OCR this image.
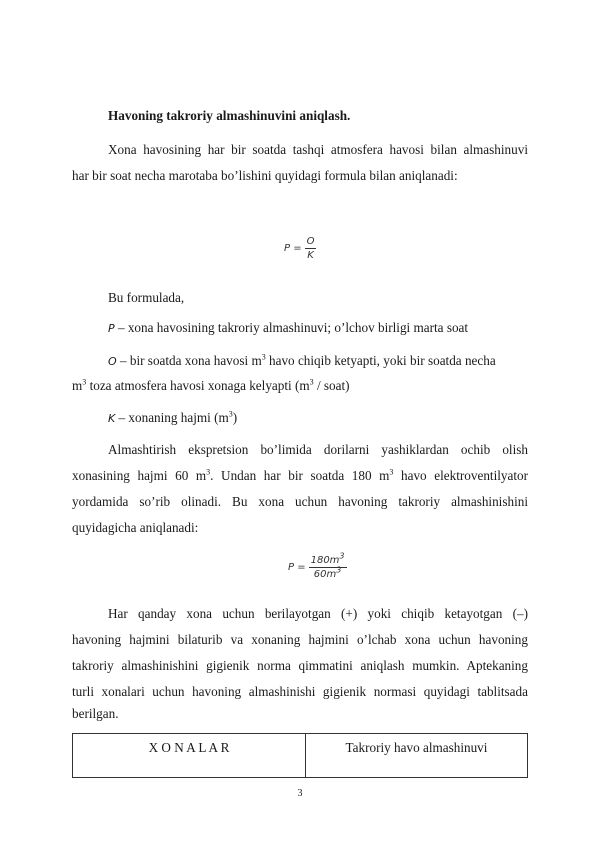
Havoning takroriy almashinuvini aniqlash.
Xona havosining har bir soatda tashqi atmosfera havosi bilan almashinuvi
har bir soat necha marotaba boʼlishini quyidagi formula bilan aniqlanadi:
$P = \frac{O}{K}$
Bu formulada,
P – xona havosining takroriy almashinuvi; o’lchov birligi marta soat
O – bir soatda xona havosi $m^3$ havo chiqib ketyapti, yoki bir soatda necha
$m^3$ toza atmosfera havosi xonaga kelyapti ($m^3$ / soat)
K – xonaning hajmi $(m^3)$
Almashtirish ekspretsion boʼlimida dorilarni yashiklardan ochib olish
xonasining hajmi 60 $m^3$. Undan har bir soatda 180 $m^3$ havo elektroventilyator
yordamida so’rib olinadi. Bu xona uchun havoning takroriy almashinishini
quyidagicha aniqlanadi:
$P = \frac{180m^3}{60m^3}$
Har qanday xona uchun berilayotgan (+) yoki chiqib ketayotgan (–)
havoning hajmini bilaturib va xonaning hajmini o’lchab xona uchun havoning
takroriy almashinishini gigienik norma qimmatini aniqlash mumkin. Aptekaning
turli xonalari uchun havoning almashinishi gigienik normasi quyidagi tablitsada
berilgan.
X O N A L A R	Takroriy havo almashinuvi
3
